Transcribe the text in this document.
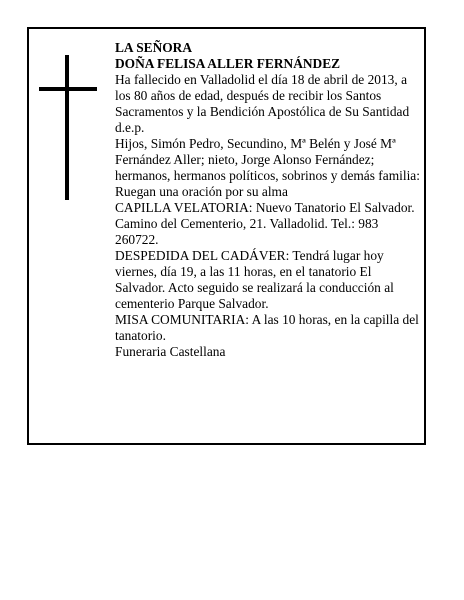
LA SEÑORA

DOÑA FELISA ALLER FERNÁNDEZ

Ha fallecido en Valladolid el día 18 de abril de 2013, a los 80 años de edad, después de recibir los Santos Sacramentos y la Bendición Apostólica de Su Santidad d.e.p.

Hijos, Simón Pedro, Secundino, Mª Belén y José Mª Fernández Aller; nieto, Jorge Alonso Fernández; hermanos, hermanos políticos, sobrinos y demás familia:

Ruegan una oración por su alma

CAPILLA VELATORIA: Nuevo Tanatorio El Salvador. Camino del Cementerio, 21. Valladolid. Tel.: 983 260722.

DESPEDIDA DEL CADÁVER: Tendrá lugar hoy viernes, día 19, a las 11 horas, en el tanatorio El Salvador. Acto seguido se realizará la conducción al cementerio Parque Salvador.

MISA COMUNITARIA: A las 10 horas, en la capilla del tanatorio.

Funeraria Castellana
